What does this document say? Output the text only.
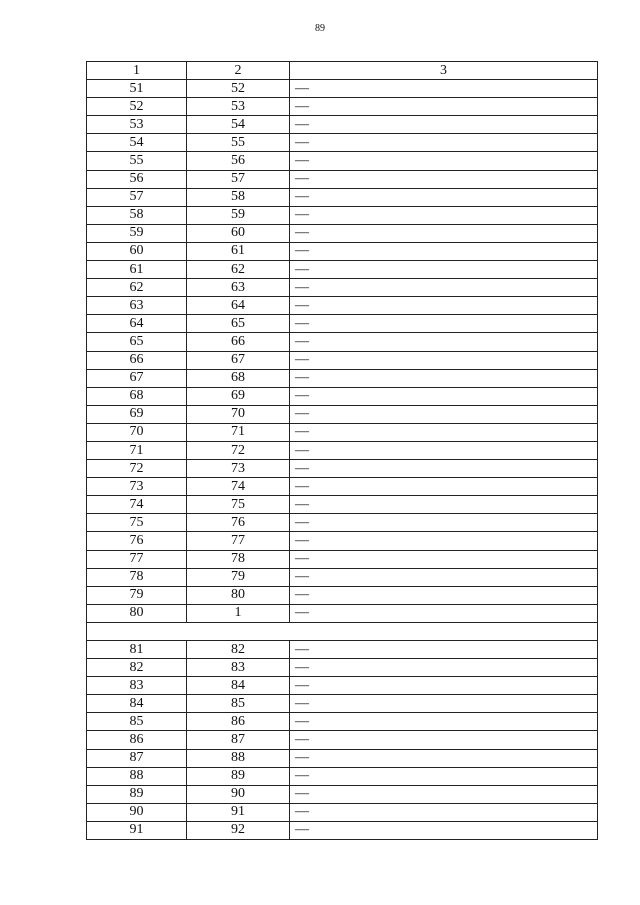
89
1	2	3
51	52	—
52	53	—
53	54	—
54	55	—
55	56	—
56	57	—
57	58	—
58	59	—
59	60	—
60	61	—
61	62	—
62	63	—
63	64	—
64	65	—
65	66	—
66	67	—
67	68	—
68	69	—
69	70	—
70	71	—
71	72	—
72	73	—
73	74	—
74	75	—
75	76	—
76	77	—
77	78	—
78	79	—
79	80	—
80	1	—

81	82	—
82	83	—
83	84	—
84	85	—
85	86	—
86	87	—
87	88	—
88	89	—
89	90	—
90	91	—
91	92	—
